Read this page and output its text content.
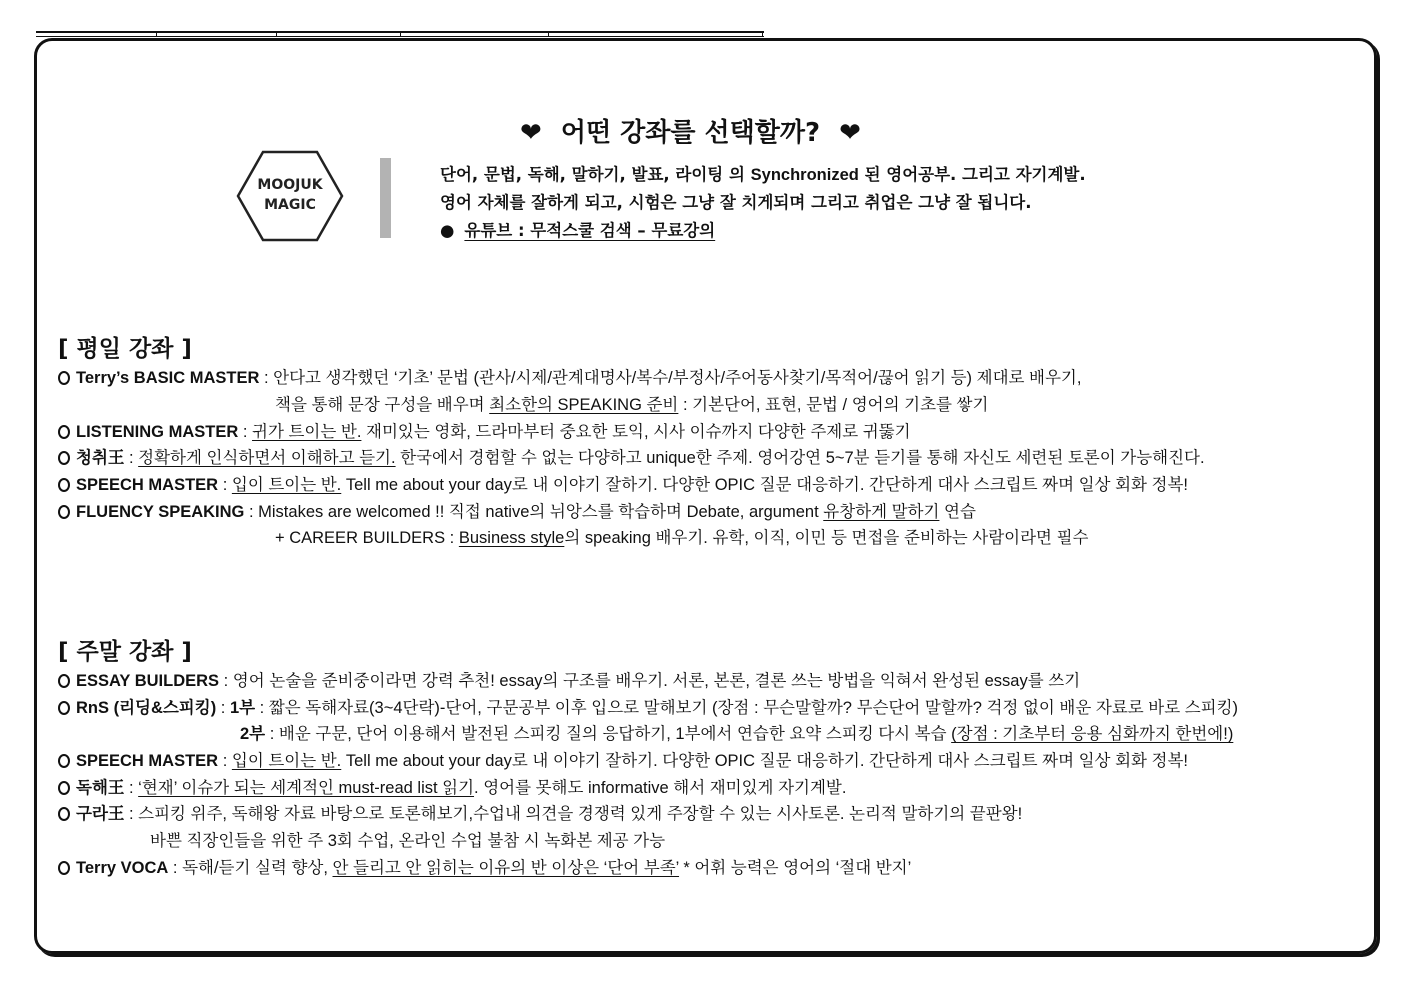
❤ 어떤 강좌를 선택할까? ❤
MOOJUK
MAGIC
단어, 문법, 독해, 말하기, 발표, 라이팅 의 Synchronized 된 영어공부. 그리고 자기계발.
영어 자체를 잘하게 되고, 시험은 그냥 잘 치게되며 그리고 취업은 그냥 잘 됩니다.
● 유튜브 : 무적스쿨 검색 – 무료강의
[ 평일 강좌 ]
Terry’s BASIC MASTER : 안다고 생각했던 ‘기초’ 문법 (관사/시제/관계대명사/복수/부정사/주어동사찾기/목적어/끊어 읽기 등) 제대로 배우기,
책을 통해 문장 구성을 배우며 최소한의 SPEAKING 준비 : 기본단어, 표현, 문법 / 영어의 기초를 쌓기
LISTENING MASTER : 귀가 트이는 반. 재미있는 영화, 드라마부터 중요한 토익, 시사 이슈까지 다양한 주제로 귀뚫기
청취王 : 정확하게 인식하면서 이해하고 듣기. 한국에서 경험할 수 없는 다양하고 unique한 주제. 영어강연 5~7분 듣기를 통해 자신도 세련된 토론이 가능해진다.
SPEECH MASTER : 입이 트이는 반. Tell me about your day로 내 이야기 잘하기. 다양한 OPIC 질문 대응하기. 간단하게 대사 스크립트 짜며 일상 회화 정복!
FLUENCY SPEAKING : Mistakes are welcomed !! 직접 native의 뉘앙스를 학습하며 Debate, argument 유창하게 말하기 연습
+ CAREER BUILDERS : Business style의 speaking 배우기. 유학, 이직, 이민 등 면접을 준비하는 사람이라면 필수
[ 주말 강좌 ]
ESSAY BUILDERS : 영어 논술을 준비중이라면 강력 추천! essay의 구조를 배우기. 서론, 본론, 결론 쓰는 방법을 익혀서 완성된 essay를 쓰기
RnS (리딩&스피킹) : 1부 : 짧은 독해자료(3~4단락)-단어, 구문공부 이후 입으로 말해보기 (장점 : 무슨말할까? 무슨단어 말할까? 걱정 없이 배운 자료로 바로 스피킹)
2부 : 배운 구문, 단어 이용해서 발전된 스피킹 질의 응답하기, 1부에서 연습한 요약 스피킹 다시 복습 (장점 : 기초부터 응용 심화까지 한번에!)
SPEECH MASTER : 입이 트이는 반. Tell me about your day로 내 이야기 잘하기. 다양한 OPIC 질문 대응하기. 간단하게 대사 스크립트 짜며 일상 회화 정복!
독해王 : ‘현재’ 이슈가 되는 세계적인 must-read list 읽기. 영어를 못해도 informative 해서 재미있게 자기계발.
구라王 : 스피킹 위주, 독해왕 자료 바탕으로 토론해보기,수업내 의견을 경쟁력 있게 주장할 수 있는 시사토론. 논리적 말하기의 끝판왕!
바쁜 직장인들을 위한 주 3회 수업, 온라인 수업 불참 시 녹화본 제공 가능
Terry VOCA : 독해/듣기 실력 향상, 안 들리고 안 읽히는 이유의 반 이상은 ‘단어 부족’ * 어휘 능력은 영어의 ‘절대 반지’
